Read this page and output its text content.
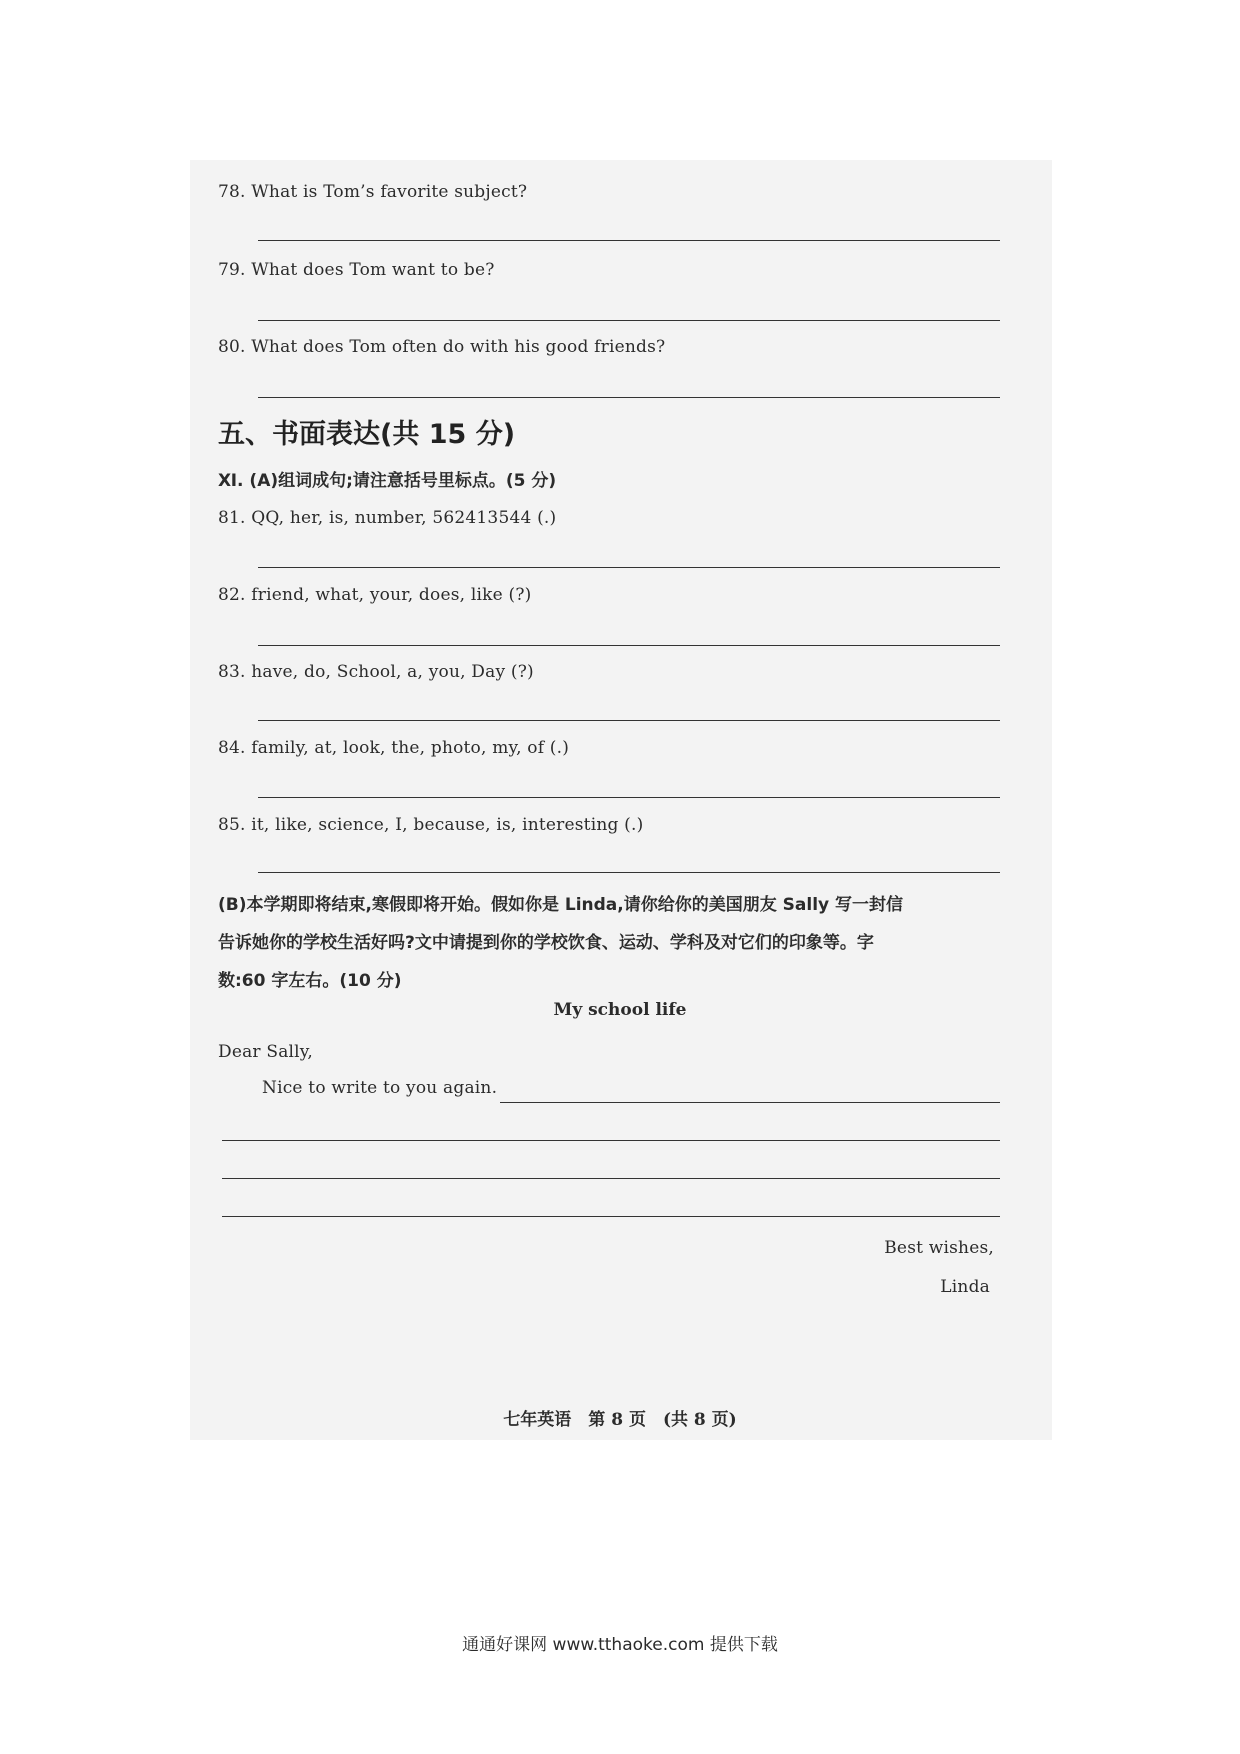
78. What is Tom’s favorite subject?
79. What does Tom want to be?
80. What does Tom often do with his good friends?
五、书面表达(共 15 分)
Ⅺ. (A)组词成句;请注意括号里标点。(5 分)
81. QQ, her, is, number, 562413544 (.)
82. friend, what, your, does, like (?)
83. have, do, School, a, you, Day (?)
84. family, at, look, the, photo, my, of (.)
85. it, like, science, I, because, is, interesting (.)
(B)本学期即将结束,寒假即将开始。假如你是 Linda,请你给你的美国朋友 Sally 写一封信
告诉她你的学校生活好吗?文中请提到你的学校饮食、运动、学科及对它们的印象等。字
数:60 字左右。(10 分)
My school life
Dear Sally,
Nice to write to you again.
Best wishes,
Linda
七年英语　第 8 页　(共 8 页)
通通好课网 www.tthaoke.com 提供下载
